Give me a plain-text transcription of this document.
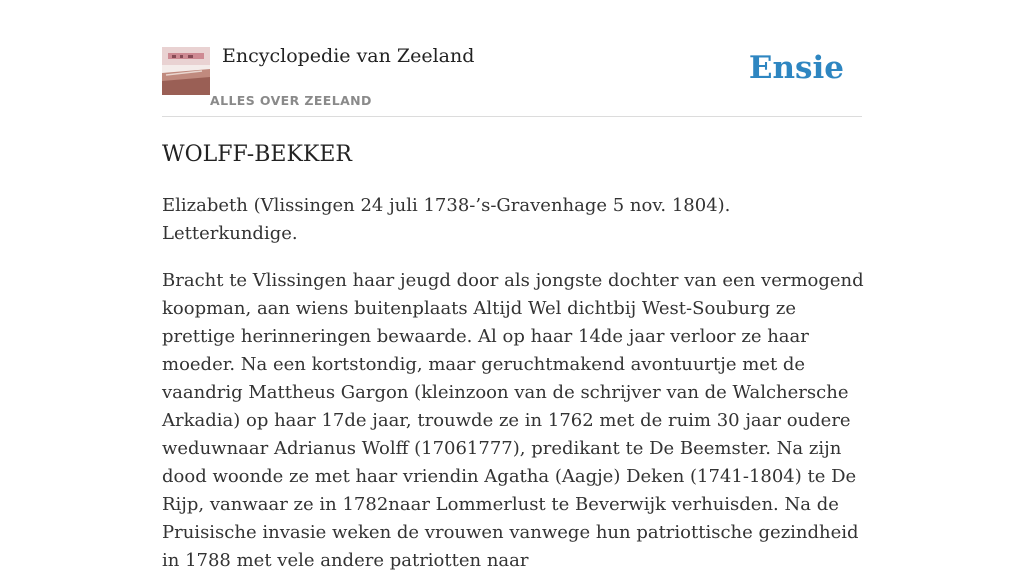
Encyclopedie van Zeeland
ALLES OVER ZEELAND
Ensie
WOLFF-BEKKER

Elizabeth (Vlissingen 24 juli 1738-’s-Gravenhage 5 nov. 1804). Letterkundige.

Bracht te Vlissingen haar jeugd door als jongste dochter van een vermogend koopman, aan wiens buitenplaats Altijd Wel dichtbij West-Souburg ze prettige herinneringen bewaarde. Al op haar 14de jaar verloor ze haar moeder. Na een kortstondig, maar geruchtmakend avontuurtje met de vaandrig Mattheus Gargon (kleinzoon van de schrijver van de Walchersche Arkadia) op haar 17de jaar, trouwde ze in 1762 met de ruim 30 jaar oudere weduwnaar Adrianus Wolff (17061777), predikant te De Beemster. Na zijn dood woonde ze met haar vriendin Agatha (Aagje) Deken (1741-1804) te De Rijp, vanwaar ze in 1782naar Lommerlust te Beverwijk verhuisden. Na de Pruisische invasie weken de vrouwen vanwege hun patriottische gezindheid in 1788 met vele andere patriotten naar
